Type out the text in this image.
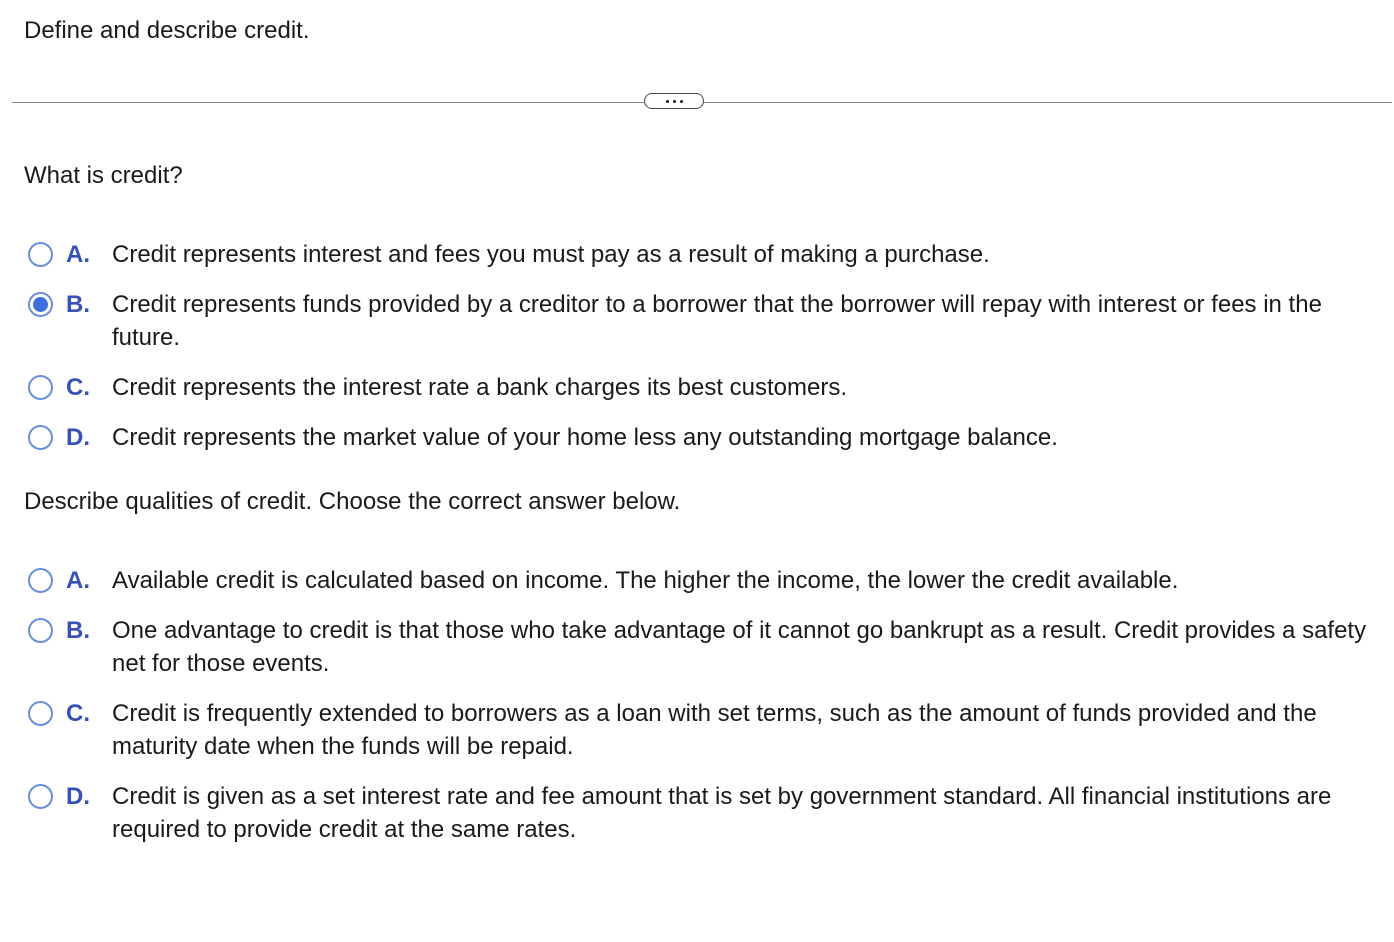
Define and describe credit.
What is credit?
A. Credit represents interest and fees you must pay as a result of making a purchase.
B. Credit represents funds provided by a creditor to a borrower that the borrower will repay with interest or fees in the future.
C. Credit represents the interest rate a bank charges its best customers.
D. Credit represents the market value of your home less any outstanding mortgage balance.
Describe qualities of credit. Choose the correct answer below.
A. Available credit is calculated based on income. The higher the income, the lower the credit available.
B. One advantage to credit is that those who take advantage of it cannot go bankrupt as a result. Credit provides a safety net for those events.
C. Credit is frequently extended to borrowers as a loan with set terms, such as the amount of funds provided and the maturity date when the funds will be repaid.
D. Credit is given as a set interest rate and fee amount that is set by government standard. All financial institutions are required to provide credit at the same rates.
